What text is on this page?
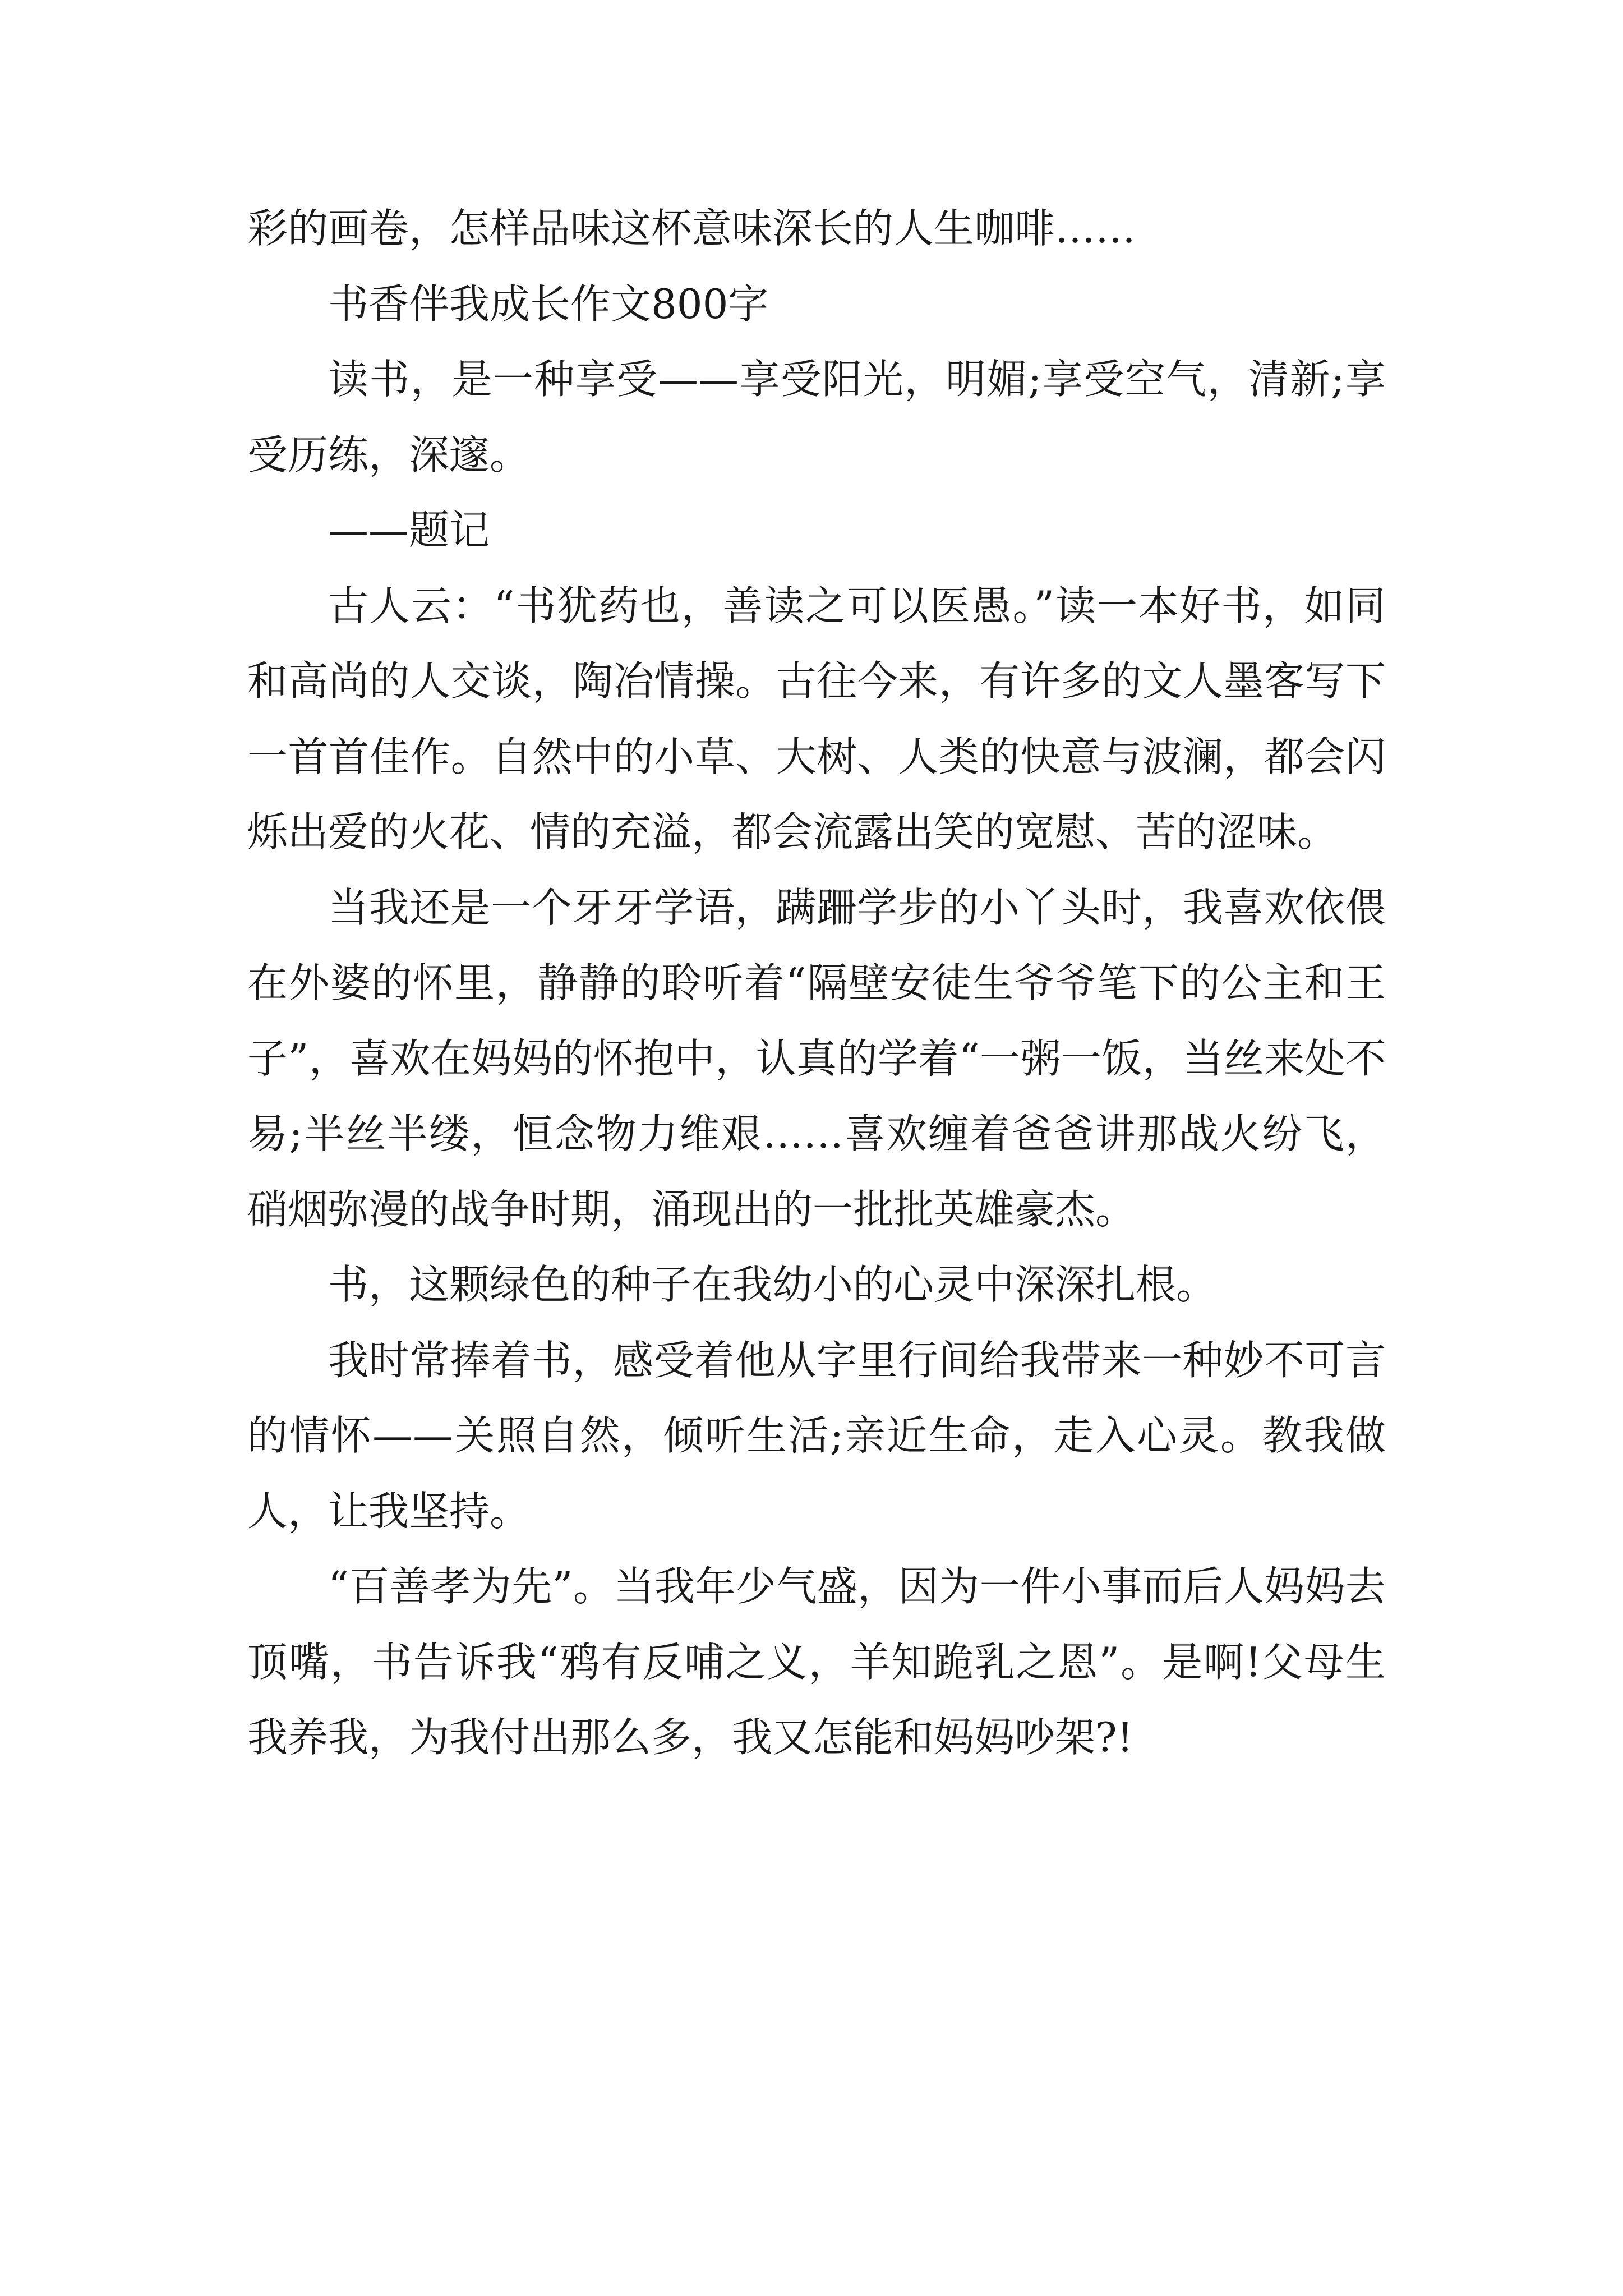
彩的画卷，怎样品味这杯意味深长的人生咖啡……

书香伴我成长作文800字

读书，是一种享受——享受阳光，明媚;享受空气，清新;享受历练，深邃。

——题记

古人云：“书犹药也，善读之可以医愚。”读一本好书，如同和高尚的人交谈，陶冶情操。古往今来，有许多的文人墨客写下一首首佳作。自然中的小草、大树、人类的快意与波澜，都会闪烁出爱的火花、情的充溢，都会流露出笑的宽慰、苦的涩味。

当我还是一个牙牙学语，蹒跚学步的小丫头时，我喜欢依偎在外婆的怀里，静静的聆听着“隔壁安徒生爷爷笔下的公主和王子”，喜欢在妈妈的怀抱中，认真的学着“一粥一饭，当丝来处不易;半丝半缕，恒念物力维艰……喜欢缠着爸爸讲那战火纷飞，硝烟弥漫的战争时期，涌现出的一批批英雄豪杰。

书，这颗绿色的种子在我幼小的心灵中深深扎根。

我时常捧着书，感受着他从字里行间给我带来一种妙不可言的情怀——关照自然，倾听生活;亲近生命，走入心灵。教我做人，让我坚持。

“百善孝为先”。当我年少气盛，因为一件小事而后人妈妈去顶嘴，书告诉我“鸦有反哺之义，羊知跪乳之恩”。是啊!父母生我养我，为我付出那么多，我又怎能和妈妈吵架?!
